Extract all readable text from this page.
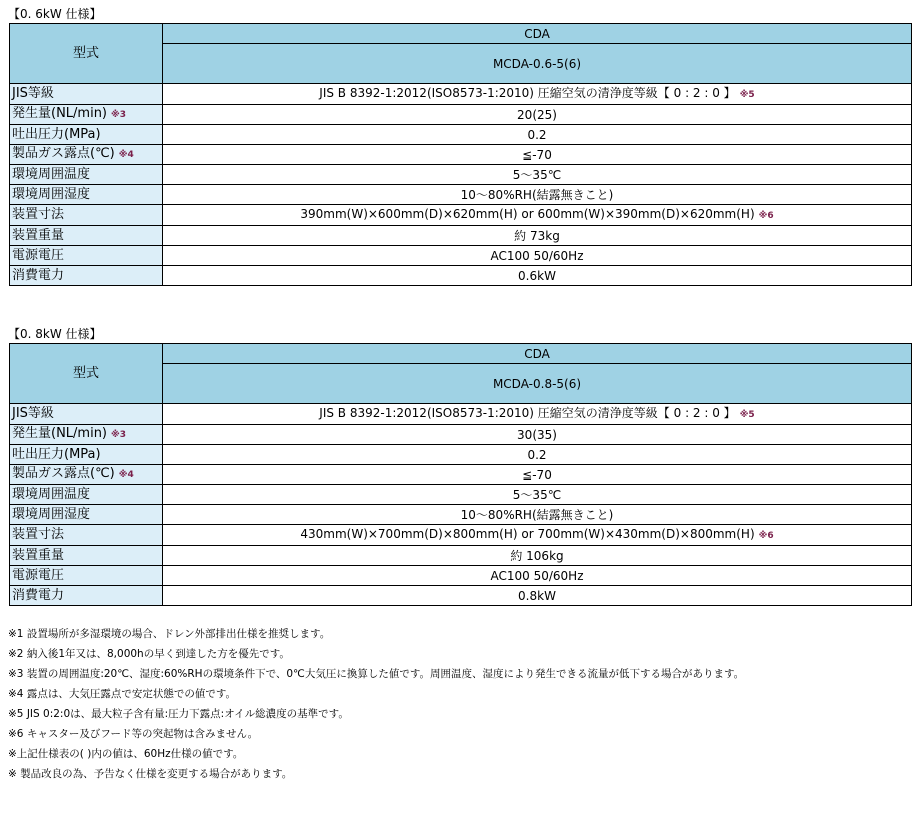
【0. 6kW 仕様】
型式	CDA
	MCDA-0.6-5(6)
JIS等級	JIS B 8392-1:2012(ISO8573-1:2010) 圧縮空気の清浄度等級【 0 : 2 : 0 】 ※5
発生量(NL/min) ※3	20(25)
吐出圧力(MPa)	0.2
製品ガス露点(℃) ※4	≦-70
環境周囲温度	5～35℃
環境周囲湿度	10～80%RH(結露無きこと)
装置寸法	390mm(W)×600mm(D)×620mm(H) or 600mm(W)×390mm(D)×620mm(H) ※6
装置重量	約 73kg
電源電圧	AC100 50/60Hz
消費電力	0.6kW
【0. 8kW 仕様】
型式	CDA
	MCDA-0.8-5(6)
JIS等級	JIS B 8392-1:2012(ISO8573-1:2010) 圧縮空気の清浄度等級【 0 : 2 : 0 】 ※5
発生量(NL/min) ※3	30(35)
吐出圧力(MPa)	0.2
製品ガス露点(℃) ※4	≦-70
環境周囲温度	5～35℃
環境周囲湿度	10～80%RH(結露無きこと)
装置寸法	430mm(W)×700mm(D)×800mm(H) or 700mm(W)×430mm(D)×800mm(H) ※6
装置重量	約 106kg
電源電圧	AC100 50/60Hz
消費電力	0.8kW
※1 設置場所が多湿環境の場合、ドレン外部排出仕様を推奨します。
※2 納入後1年又は、8,000hの早く到達した方を優先です。
※3 装置の周囲温度:20℃、湿度:60%RHの環境条件下で、0℃大気圧に換算した値です。周囲温度、湿度により発生できる流量が低下する場合があります。
※4 露点は、大気圧露点で安定状態での値です。
※5 JIS 0:2:0は、最大粒子含有量:圧力下露点:オイル総濃度の基準です。
※6 キャスター及びフード等の突起物は含みません。
※上記仕様表の( )内の値は、60Hz仕様の値です。
※ 製品改良の為、予告なく仕様を変更する場合があります。
